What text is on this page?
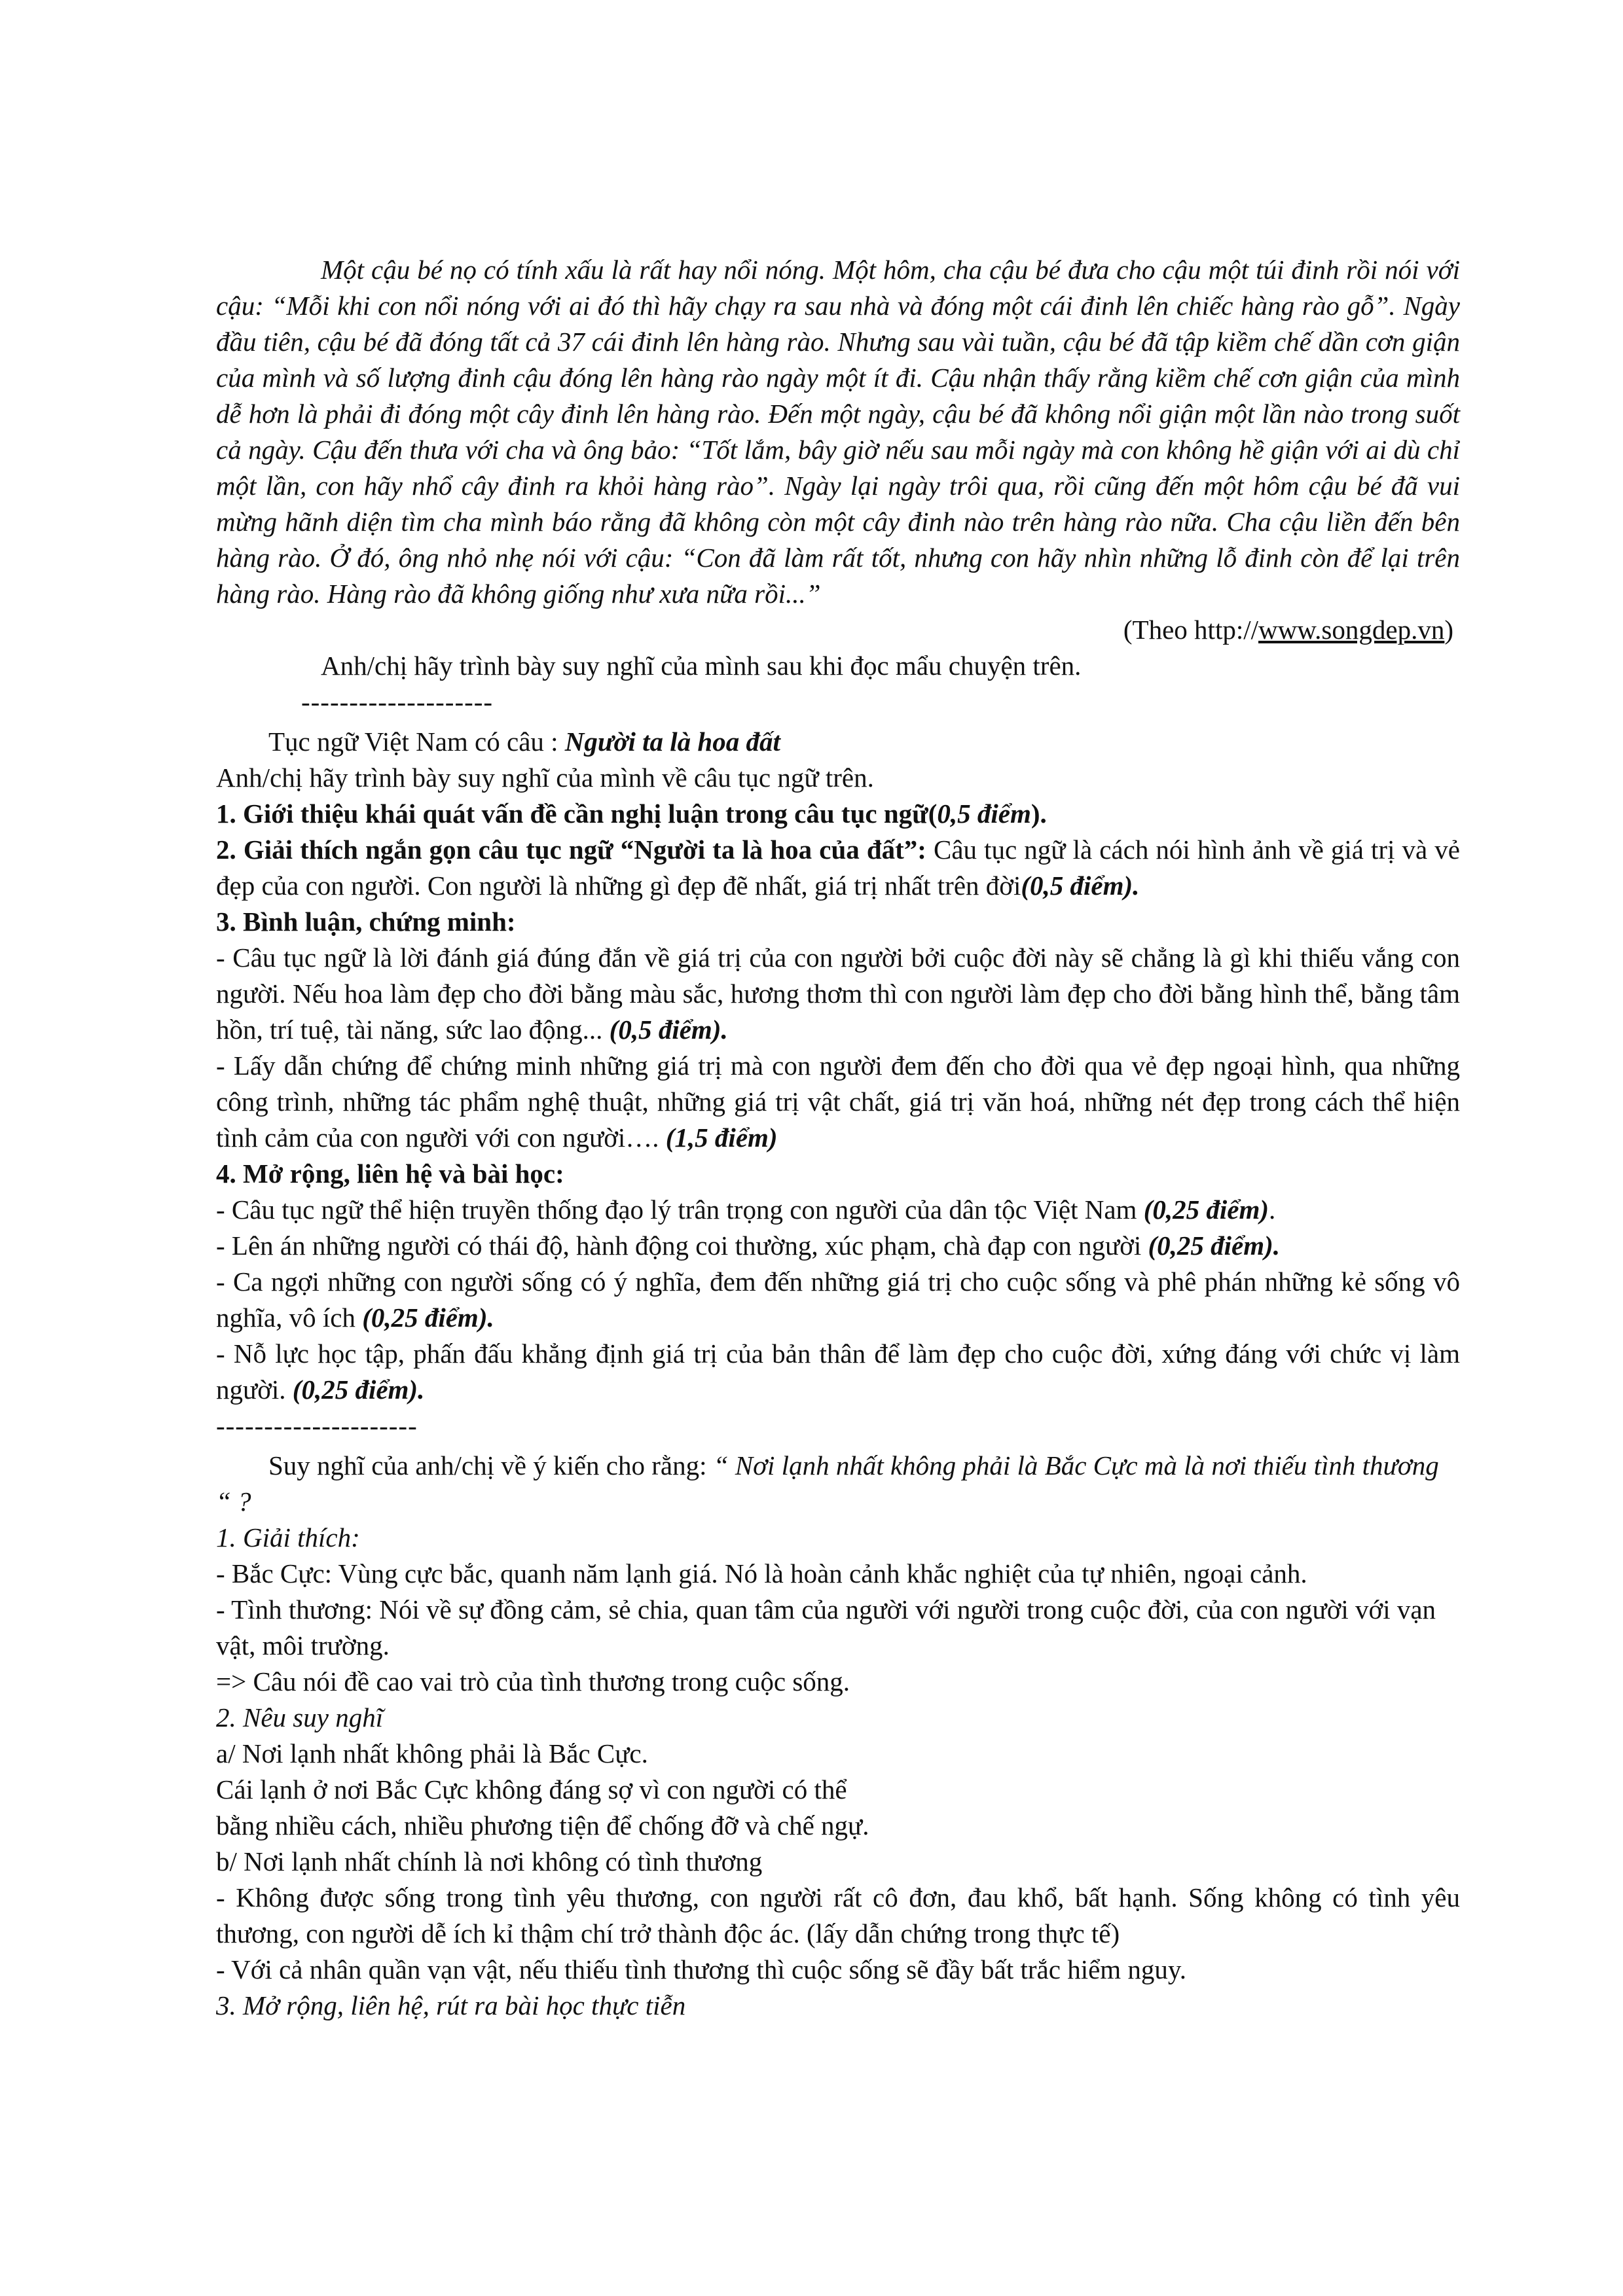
Một cậu bé nọ có tính xấu là rất hay nổi nóng. Một hôm, cha cậu bé đưa cho cậu một túi đinh rồi nói với cậu: “Mỗi khi con nổi nóng với ai đó thì hãy chạy ra sau nhà và đóng một cái đinh lên chiếc hàng rào gỗ”. Ngày đầu tiên, cậu bé đã đóng tất cả 37 cái đinh lên hàng rào. Nhưng sau vài tuần, cậu bé đã tập kiềm chế dần cơn giận của mình và số lượng đinh cậu đóng lên hàng rào ngày một ít đi. Cậu nhận thấy rằng kiềm chế cơn giận của mình dễ hơn là phải đi đóng một cây đinh lên hàng rào. Đến một ngày, cậu bé đã không nổi giận một lần nào trong suốt cả ngày. Cậu đến thưa với cha và ông bảo: “Tốt lắm, bây giờ nếu sau mỗi ngày mà con không hề giận với ai dù chỉ một lần, con hãy nhổ cây đinh ra khỏi hàng rào”. Ngày lại ngày trôi qua, rồi cũng đến một hôm cậu bé đã vui mừng hãnh diện tìm cha mình báo rằng đã không còn một cây đinh nào trên hàng rào nữa. Cha cậu liền đến bên hàng rào. Ở đó, ông nhỏ nhẹ nói với cậu: “Con đã làm rất tốt, nhưng con hãy nhìn những lỗ đinh còn để lại trên hàng rào. Hàng rào đã không giống như xưa nữa rồi...”

(Theo http://www.songdep.vn)

Anh/chị hãy trình bày suy nghĩ của mình sau khi đọc mẩu chuyện trên.

--------------------

Tục ngữ Việt Nam có câu : Người ta là hoa đất

Anh/chị hãy trình bày suy nghĩ của mình về câu tục ngữ trên.

1. Giới thiệu khái quát vấn đề cần nghị luận trong câu tục ngữ(0,5 điểm).

2. Giải thích ngắn gọn câu tục ngữ “Người ta là hoa của đất”: Câu tục ngữ là cách nói hình ảnh về giá trị và vẻ đẹp của con người. Con người là những gì đẹp đẽ nhất, giá trị nhất trên đời(0,5 điểm).

3. Bình luận, chứng minh:

- Câu tục ngữ là lời đánh giá đúng đắn về giá trị của con người bởi cuộc đời này sẽ chẳng là gì khi thiếu vắng con người. Nếu hoa làm đẹp cho đời bằng màu sắc, hương thơm thì con người làm đẹp cho đời bằng hình thể, bằng tâm hồn, trí tuệ, tài năng, sức lao động... (0,5 điểm).

- Lấy dẫn chứng để chứng minh những giá trị mà con người đem đến cho đời qua vẻ đẹp ngoại hình, qua những công trình, những tác phẩm nghệ thuật, những giá trị vật chất, giá trị văn hoá, những nét đẹp trong cách thể hiện tình cảm của con người với con người…. (1,5 điểm)

4. Mở rộng, liên hệ và bài học:

- Câu tục ngữ thể hiện truyền thống đạo lý trân trọng con người của dân tộc Việt Nam (0,25 điểm).

- Lên án những người có thái độ, hành động coi thường, xúc phạm, chà đạp con người (0,25 điểm).

- Ca ngợi những con người sống có ý nghĩa, đem đến những giá trị cho cuộc sống và phê phán những kẻ sống vô nghĩa, vô ích (0,25 điểm).

- Nỗ lực học tập, phấn đấu khẳng định giá trị của bản thân để làm đẹp cho cuộc đời, xứng đáng với chức vị làm người. (0,25 điểm).

---------------------

Suy nghĩ của anh/chị về ý kiến cho rằng: “ Nơi lạnh nhất không phải là Bắc Cực mà là nơi thiếu tình thương “ ?

1. Giải thích:

- Bắc Cực: Vùng cực bắc, quanh năm lạnh giá. Nó là hoàn cảnh khắc nghiệt của tự nhiên, ngoại cảnh.

- Tình thương: Nói về sự đồng cảm, sẻ chia, quan tâm của người với người trong cuộc đời, của con người với vạn vật, môi trường.

=> Câu nói đề cao vai trò của tình thương trong cuộc sống.

2. Nêu suy nghĩ

a/ Nơi lạnh nhất không phải là Bắc Cực.

Cái lạnh ở nơi Bắc Cực không đáng sợ vì con người có thể

bằng nhiều cách, nhiều phương tiện để chống đỡ và chế ngự.

b/ Nơi lạnh nhất chính là nơi không có tình thương

- Không được sống trong tình yêu thương, con người rất cô đơn, đau khổ, bất hạnh. Sống không có tình yêu thương, con người dễ ích kỉ thậm chí trở thành độc ác. (lấy dẫn chứng trong thực tế)

- Với cả nhân quần vạn vật, nếu thiếu tình thương thì cuộc sống sẽ đầy bất trắc hiểm nguy.

3. Mở rộng, liên hệ, rút ra bài học thực tiễn
